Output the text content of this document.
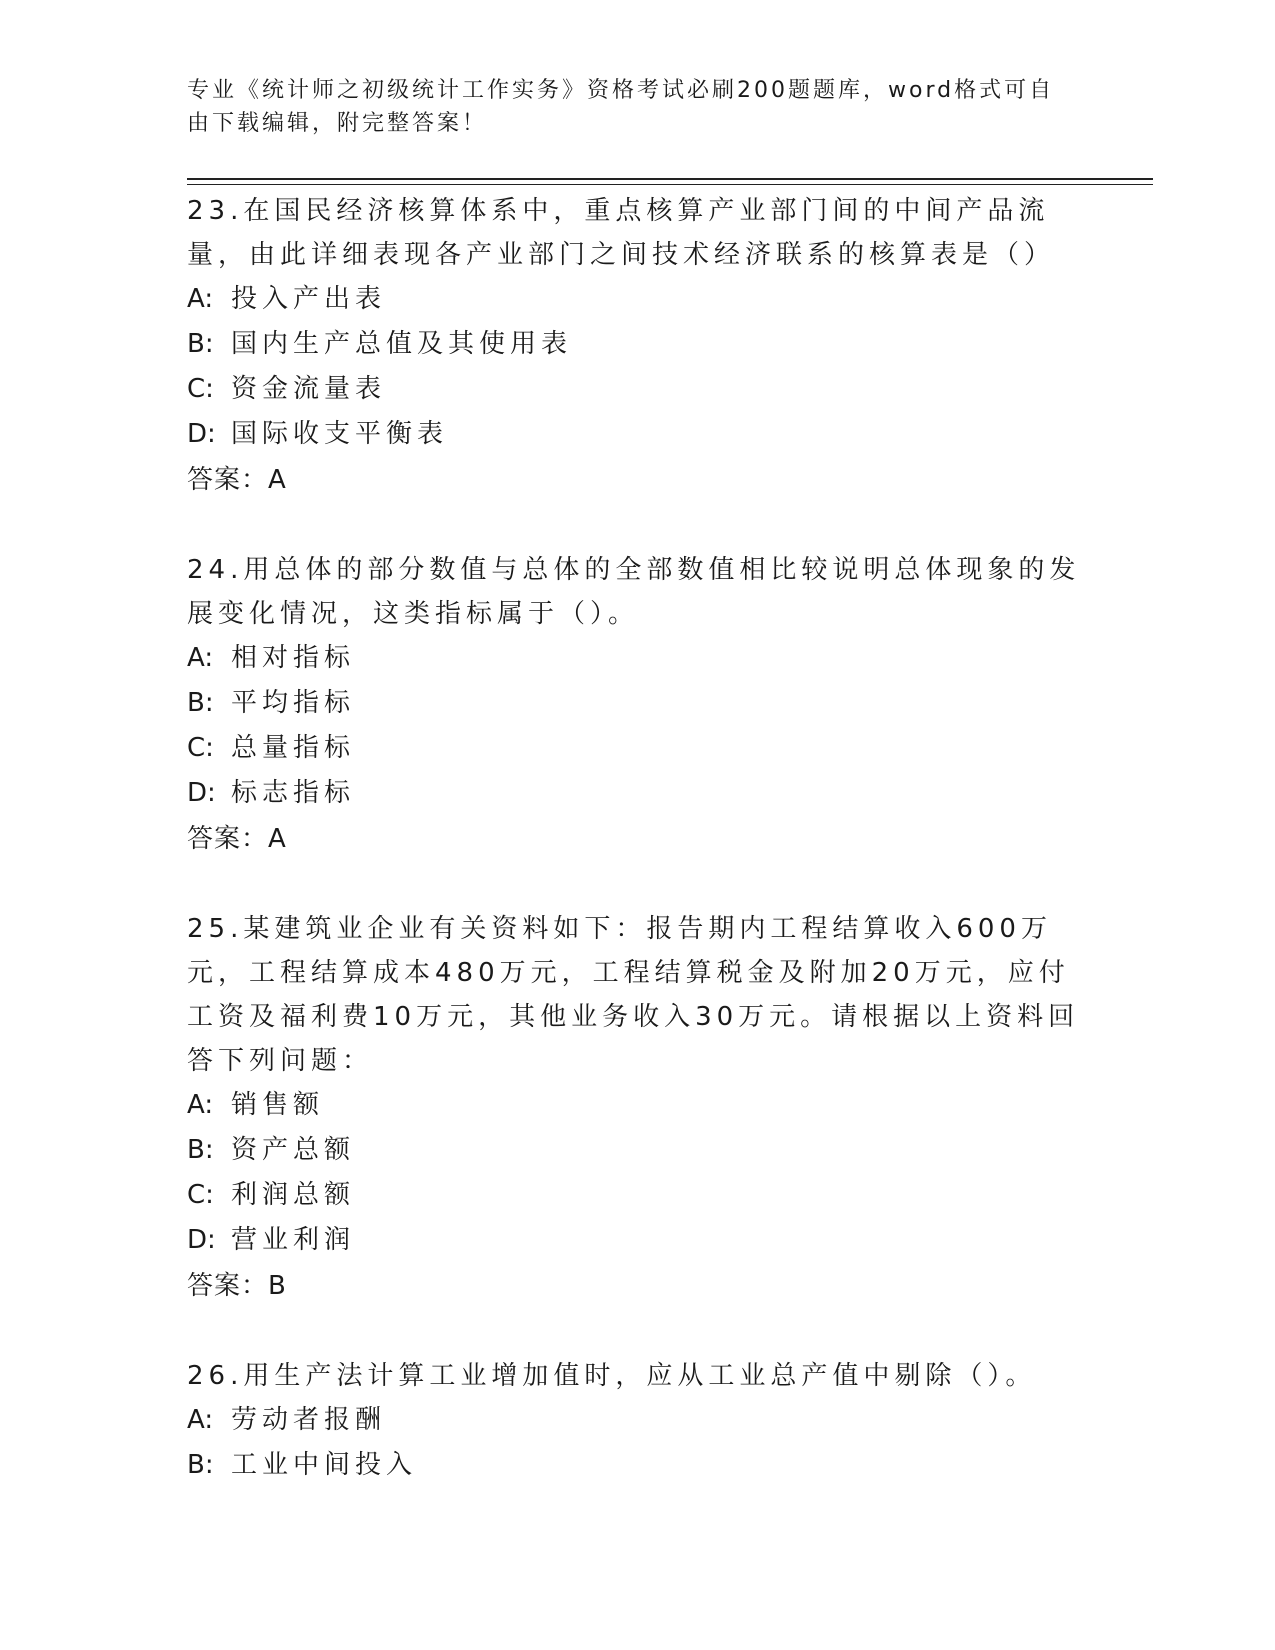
专业《统计师之初级统计工作实务》资格考试必刷200题题库，word格式可自由下载编辑，附完整答案！
23.在国民经济核算体系中，重点核算产业部门间的中间产品流量，由此详细表现各产业部门之间技术经济联系的核算表是（）
A: 投入产出表
B: 国内生产总值及其使用表
C: 资金流量表
D: 国际收支平衡表
答案：A
24.用总体的部分数值与总体的全部数值相比较说明总体现象的发展变化情况，这类指标属于（）。
A: 相对指标
B: 平均指标
C: 总量指标
D: 标志指标
答案：A
25.某建筑业企业有关资料如下：报告期内工程结算收入600万元，工程结算成本480万元，工程结算税金及附加20万元，应付工资及福利费10万元，其他业务收入30万元。请根据以上资料回答下列问题：
A: 销售额
B: 资产总额
C: 利润总额
D: 营业利润
答案：B
26.用生产法计算工业增加值时，应从工业总产值中剔除（）。
A: 劳动者报酬
B: 工业中间投入
